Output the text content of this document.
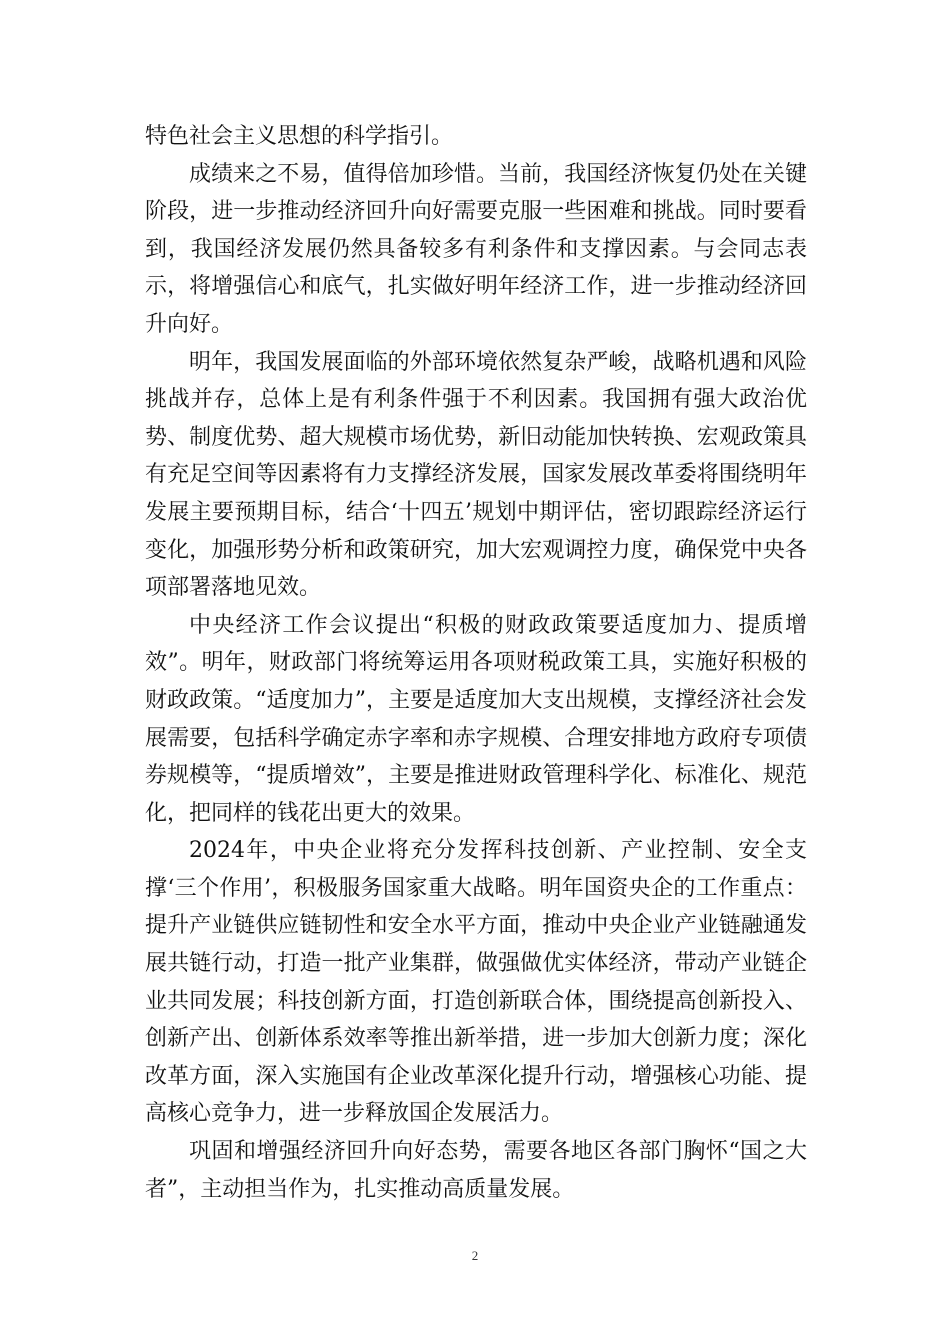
特色社会主义思想的科学指引。

成绩来之不易，值得倍加珍惜。当前，我国经济恢复仍处在关键阶段，进一步推动经济回升向好需要克服一些困难和挑战。同时要看到，我国经济发展仍然具备较多有利条件和支撑因素。与会同志表示，将增强信心和底气，扎实做好明年经济工作，进一步推动经济回升向好。

明年，我国发展面临的外部环境依然复杂严峻，战略机遇和风险挑战并存，总体上是有利条件强于不利因素。我国拥有强大政治优势、制度优势、超大规模市场优势，新旧动能加快转换、宏观政策具有充足空间等因素将有力支撑经济发展，国家发展改革委将围绕明年发展主要预期目标，结合‘十四五’规划中期评估，密切跟踪经济运行变化，加强形势分析和政策研究，加大宏观调控力度，确保党中央各项部署落地见效。

中央经济工作会议提出“积极的财政政策要适度加力、提质增效”。明年，财政部门将统筹运用各项财税政策工具，实施好积极的财政政策。“适度加力”，主要是适度加大支出规模，支撑经济社会发展需要，包括科学确定赤字率和赤字规模、合理安排地方政府专项债券规模等，“提质增效”，主要是推进财政管理科学化、标准化、规范化，把同样的钱花出更大的效果。

2024年，中央企业将充分发挥科技创新、产业控制、安全支撑‘三个作用’，积极服务国家重大战略。明年国资央企的工作重点：提升产业链供应链韧性和安全水平方面，推动中央企业产业链融通发展共链行动，打造一批产业集群，做强做优实体经济，带动产业链企业共同发展；科技创新方面，打造创新联合体，围绕提高创新投入、创新产出、创新体系效率等推出新举措，进一步加大创新力度；深化改革方面，深入实施国有企业改革深化提升行动，增强核心功能、提高核心竞争力，进一步释放国企发展活力。

巩固和增强经济回升向好态势，需要各地区各部门胸怀“国之大者”，主动担当作为，扎实推动高质量发展。

2
